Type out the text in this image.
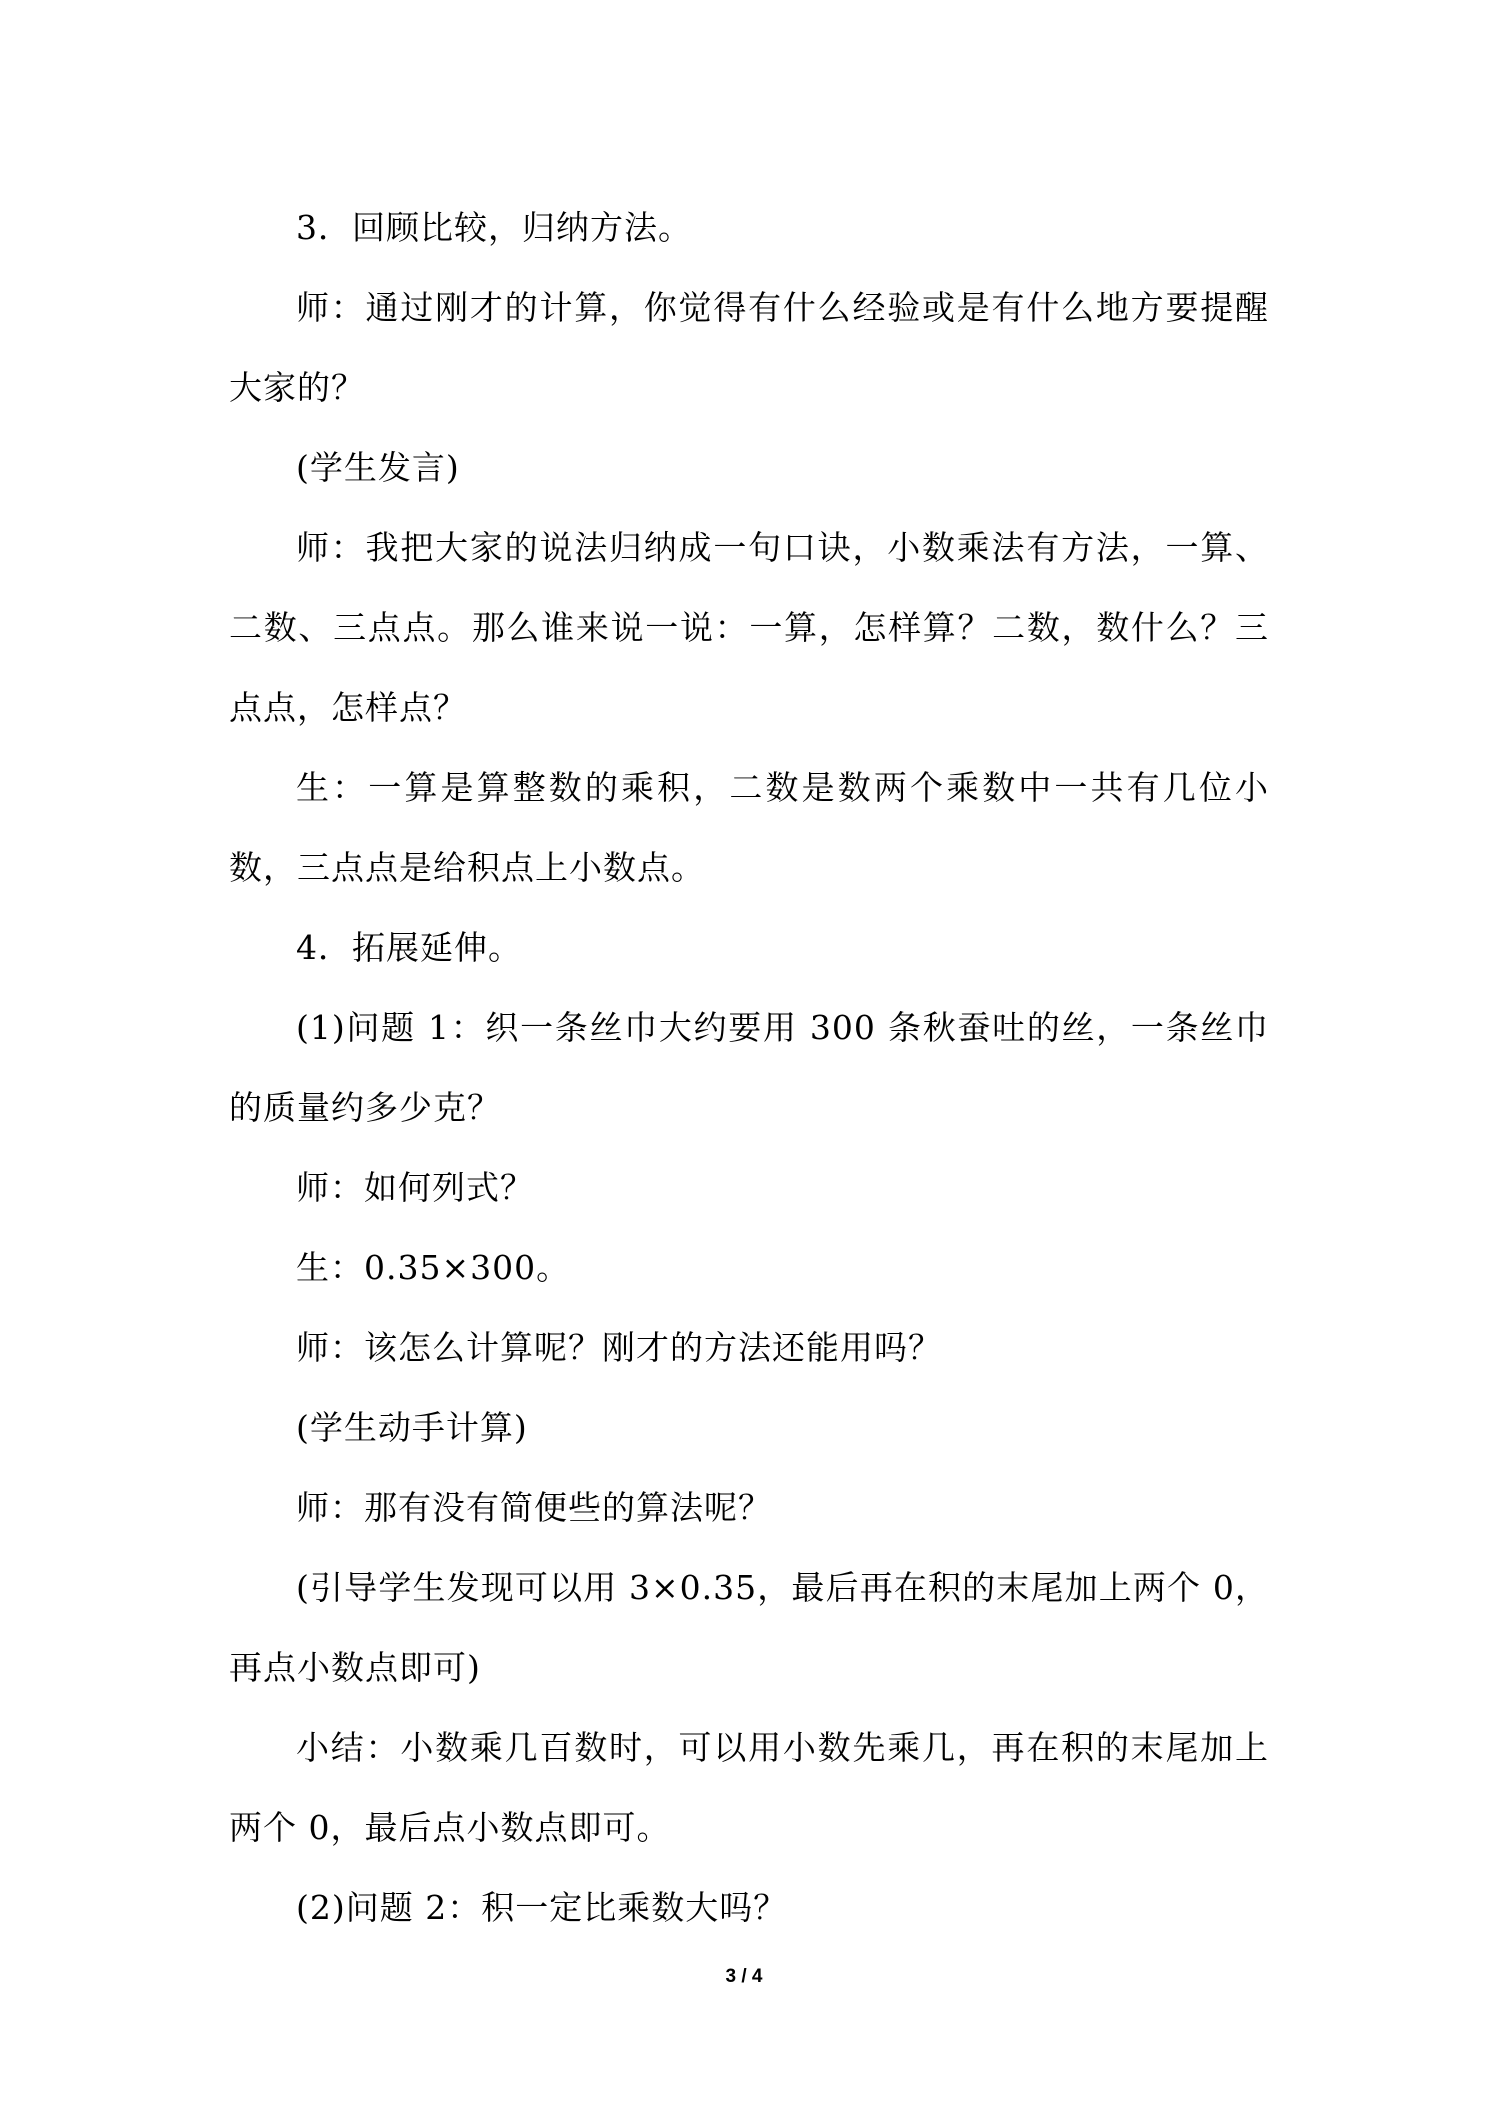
3．回顾比较，归纳方法。

师：通过刚才的计算，你觉得有什么经验或是有什么地方要提醒大家的？

(学生发言)

师：我把大家的说法归纳成一句口诀，小数乘法有方法，一算、二数、三点点。那么谁来说一说：一算，怎样算？二数，数什么？三点点，怎样点？

生：一算是算整数的乘积，二数是数两个乘数中一共有几位小数，三点点是给积点上小数点。

4．拓展延伸。

(1)问题 1：织一条丝巾大约要用 300 条秋蚕吐的丝，一条丝巾的质量约多少克？

师：如何列式？

生：0.35×300。

师：该怎么计算呢？刚才的方法还能用吗？

(学生动手计算)

师：那有没有简便些的算法呢？

(引导学生发现可以用 3×0.35，最后再在积的末尾加上两个 0，再点小数点即可)

小结：小数乘几百数时，可以用小数先乘几，再在积的末尾加上两个 0，最后点小数点即可。

(2)问题 2：积一定比乘数大吗？

3 / 4
